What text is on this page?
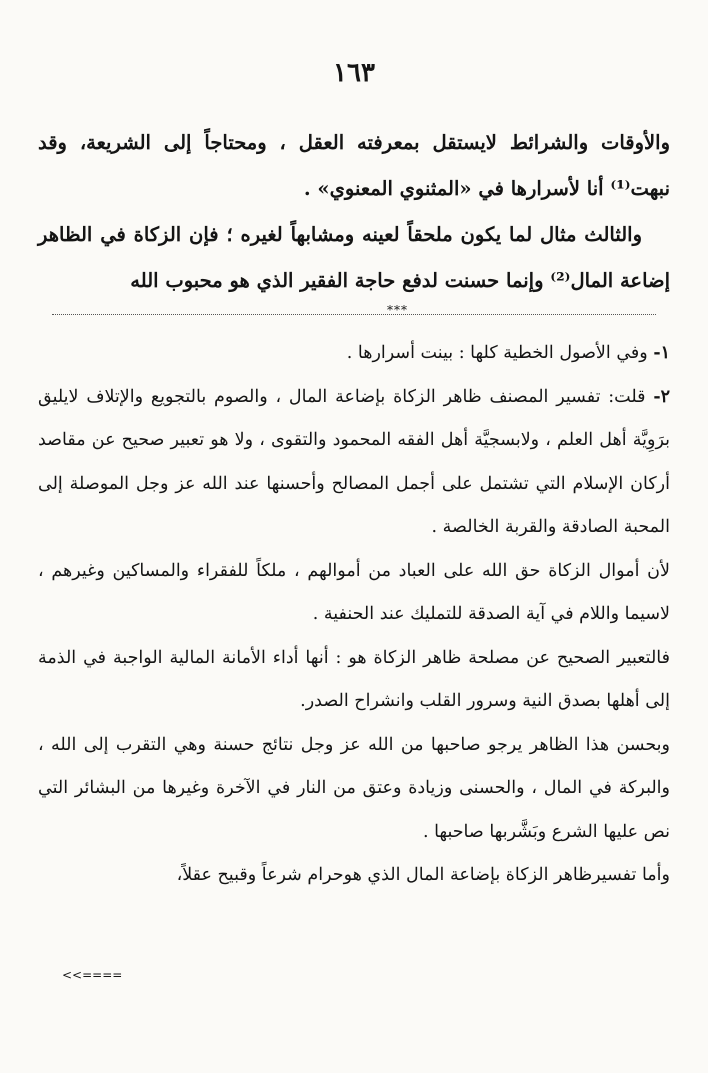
١٦٣

والأوقات والشرائط لايستقل بمعرفته العقل ، ومحتاجاً إلى الشريعة، وقد نبهت⁽¹⁾ أنا لأسرارها في «المثنوي المعنوي» .

والثالث مثال لما يكون ملحقاً لعينه ومشابهاً لغيره ؛ فإن الزكاة في الظاهر إضاعة المال⁽²⁾ وإنما حسنت لدفع حاجة الفقير الذي هو محبوب الله

***

١- وفي الأصول الخطية كلها : بينت أسرارها .

٢- قلت: تفسير المصنف ظاهر الزكاة بإضاعة المال ، والصوم بالتجويع والإتلاف لايليق برَوِيَّة أهل العلم ، ولابسجيَّة أهل الفقه المحمود والتقوى ، ولا هو تعبير صحيح عن مقاصد أركان الإسلام التي تشتمل على أجمل المصالح وأحسنها عند الله عز وجل الموصلة إلى المحبة الصادقة والقربة الخالصة .

لأن أموال الزكاة حق الله على العباد من أموالهم ، ملكاً للفقراء والمساكين وغيرهم ، لاسيما واللام في آية الصدقة للتمليك عند الحنفية .

فالتعبير الصحيح عن مصلحة ظاهر الزكاة هو : أنها أداء الأمانة المالية الواجبة في الذمة إلى أهلها بصدق النية وسرور القلب وانشراح الصدر.

وبحسن هذا الظاهر يرجو صاحبها من الله عز وجل نتائج حسنة وهي التقرب إلى الله ، والبركة في المال ، والحسنى وزيادة وعتق من النار في الآخرة وغيرها من البشائر التي نص عليها الشرع وبَشَّربها صاحبها .

وأما تفسيرظاهر الزكاة بإضاعة المال الذي هوحرام شرعاً وقبيح عقلاً،

<<====
